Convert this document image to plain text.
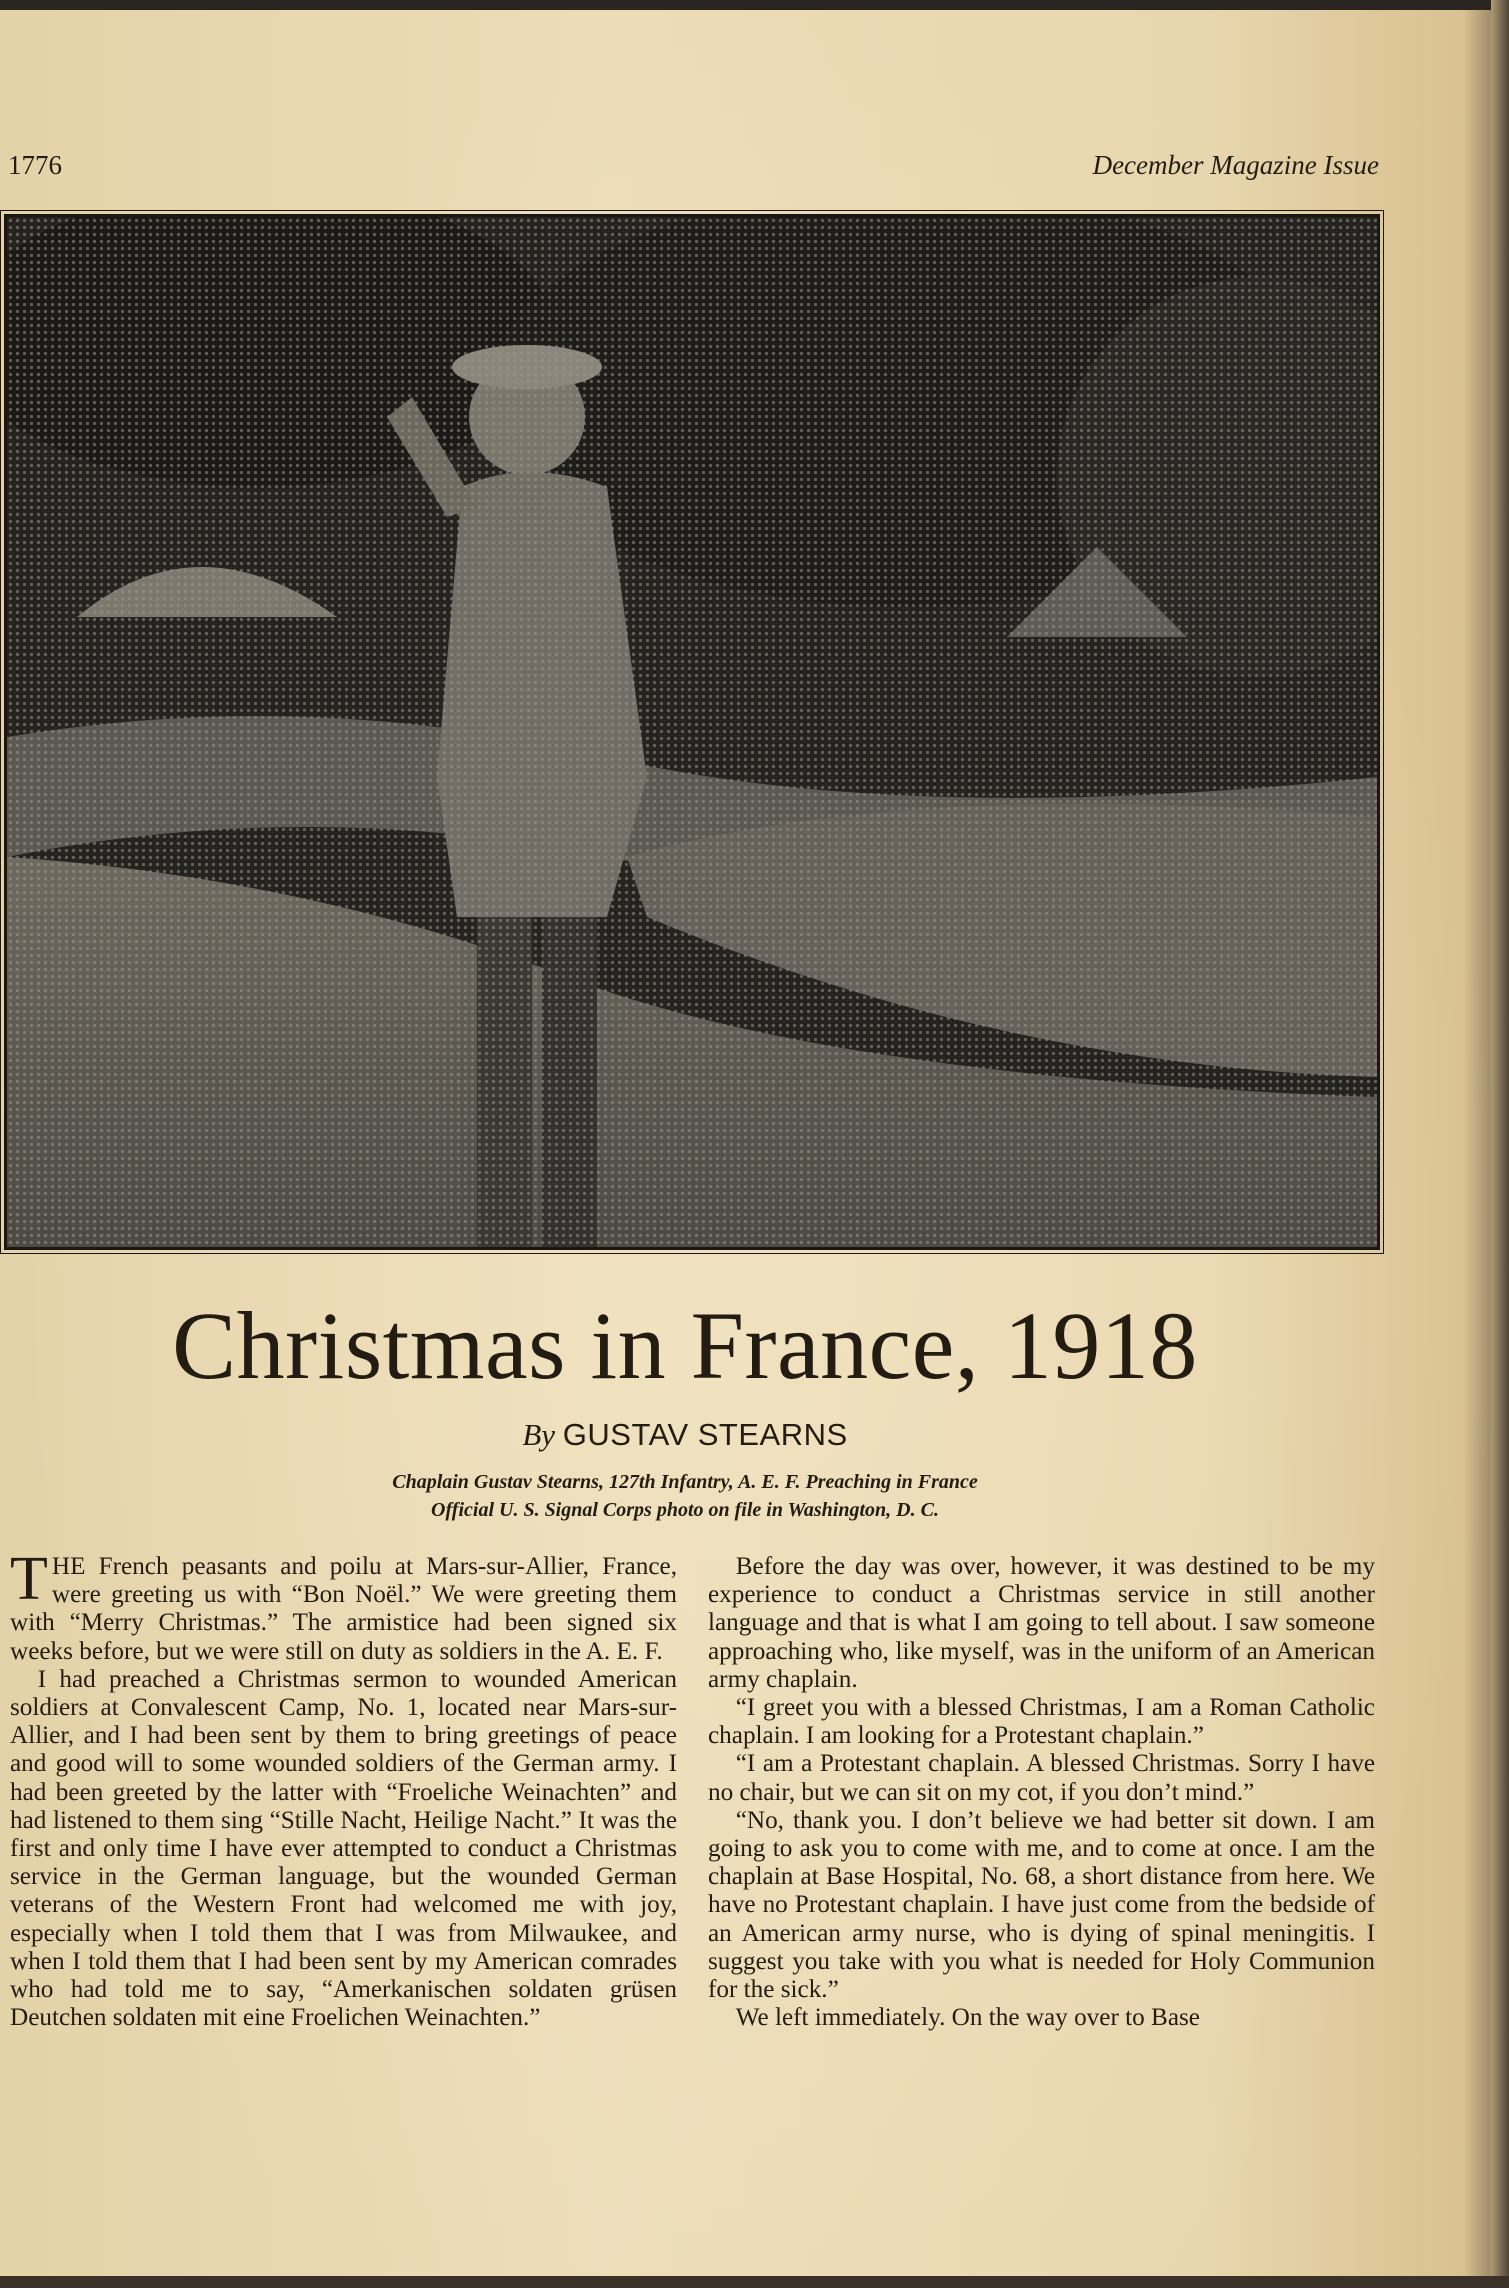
1776	December Magazine Issue
Christmas in France, 1918
By GUSTAV STEARNS
Chaplain Gustav Stearns, 127th Infantry, A. E. F. Preaching in France
Official U. S. Signal Corps photo on file in Washington, D. C.

THE French peasants and poilu at Mars-sur-Allier, France, were greeting us with “Bon Noël.” We were greeting them with “Merry Christmas.” The armistice had been signed six weeks before, but we were still on duty as soldiers in the A. E. F.

I had preached a Christmas sermon to wounded American soldiers at Convalescent Camp, No. 1, located near Mars-sur-Allier, and I had been sent by them to bring greetings of peace and good will to some wounded soldiers of the German army. I had been greeted by the latter with “Froeliche Weinachten” and had listened to them sing “Stille Nacht, Heilige Nacht.” It was the first and only time I have ever attempted to conduct a Christmas service in the German language, but the wounded German veterans of the Western Front had welcomed me with joy, especially when I told them that I was from Milwaukee, and when I told them that I had been sent by my American comrades who had told me to say, “Amerkanischen soldaten grüsen Deutchen soldaten mit eine Froelichen Weinachten.”

Before the day was over, however, it was destined to be my experience to conduct a Christmas service in still another language and that is what I am going to tell about. I saw someone approaching who, like myself, was in the uniform of an American army chaplain.

“I greet you with a blessed Christmas, I am a Roman Catholic chaplain. I am looking for a Protestant chaplain.”

“I am a Protestant chaplain. A blessed Christmas. Sorry I have no chair, but we can sit on my cot, if you don’t mind.”

“No, thank you. I don’t believe we had better sit down. I am going to ask you to come with me, and to come at once. I am the chaplain at Base Hospital, No. 68, a short distance from here. We have no Protestant chaplain. I have just come from the bedside of an American army nurse, who is dying of spinal meningitis. I suggest you take with you what is needed for Holy Communion for the sick.”

We left immediately. On the way over to Base
